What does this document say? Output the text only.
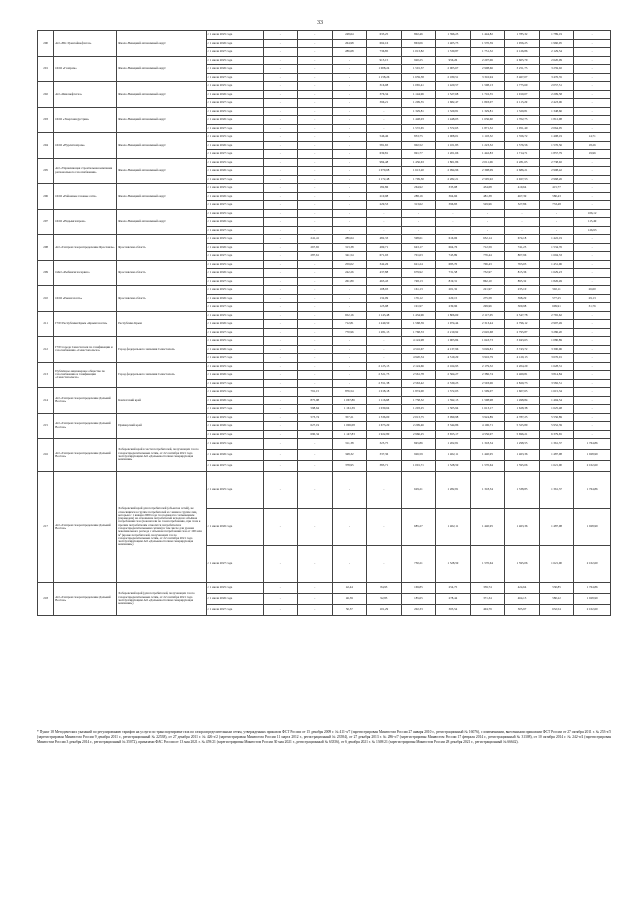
33
200	АО «Юг-Уренгойнефтегаз»	Ямало-Ненецкий автономный округ	с 1 июля 2025 года	-	-	248,64	633,25	802,46	1 396,25	1 444,82	1 785,32	1 789,19	-
			с 1 июля 2026 года	-	-	264,98	692,16	863,06	1 405,73	1 570,59	1 956,25	1 960,05	-
			с 1 июля 2027 года	-	-	286,68	736,85	1 013,82	1 530,87	1 751,52	2 126,86	2 129,54	-
201	ООО «Газпром»	Ямало-Ненецкий автономный округ	с 1 июля 2025 года	-	-	-	915,15	920,25	956,26	2 207,06	2 605,79	2 620,09	-
			с 1 июля 2026 года	-	-	-	1 008,24	1 501,37	2 005,67	2 908,66	3 251,75	3 259,02	-
			с 1 июля 2027 года	-	-	-	1 158,26	1 659,58	2 180,51	3 316,94	3 467,07	3 476,35	-
202	АО «Ямалнефтегаз»	Ямало-Ненецкий автономный округ	с 1 июля 2025 года	-	-	-	316,08	1 065,41	1 420,57	1 598,13	1 775,69	2 057,51	-
			с 1 июля 2026 года	-	-	-	376,34	1 144,96	1 527,68	1 716,55	1 910,07	2 209,58	-
			с 1 июля 2027 года	-	-	-	396,21	1 299,55	1 682,47	1 893,07	2 115,29	2 423,06	-
203	ООО «Энергоиндустрия»	Ямало-Ненецкий автономный округ	с 1 июля 2025 года	-	-	-	-	1 329,81	1 329,81	1 329,81	1 329,81	1 348,66	-
			с 1 июля 2026 года	-	-	-	-	1 448,03	1 448,03	1 636,60	1 702,75	1 812,98	-
			с 1 июля 2027 года	-	-	-	-	1 572,65	1 572,65	1 871,52	1 951,40	2 064,05	-
204	ООО «Нурлигазпром»	Ямало-Ненецкий автономный округ	с 1 июля 2025 года	-	-	-	546,46	853,75	1 008,01	1 118,52	1 356,72	1 408,19	14,71
			с 1 июля 2026 года	-	-	-	581,65	902,52	1 101,83	1 223,52	1 576,56	1 576,56	18,26
			с 1 июля 2027 года	-	-	-	639,81	991,77	1 201,66	1 442,83	1 714,71	1 857,79	19,96
205	АО «Управляющая строительная компания регионального газоснабжения»	Ямало-Ненецкий автономный округ	с 1 июля 2025 года	-	-	-	984,48	1 456,63	1 801,86	2 011,06	2 281,65	2 738,92	-
			с 1 июля 2026 года	-	-	-	1 070,68	1 613,20	2 094,96	2 398,09	2 686,21	2 998,42	-
			с 1 июля 2027 года	-	-	-	1 172,48	1 799,50	2 282,21	2 595,92	2 927,53	2 968,26	-
206	ООО «Районные газовые сети»	Ямало-Ненецкий автономный округ	с 1 июля 2025 года	-	-	-	182,86	264,92	335,08	434,08	419,64	415,77	-
			с 1 июля 2026 года	-	-	-	210,98	288,16	364,66	481,38	467,39	580,43	-
			с 1 июля 2027 года	-	-	-	229,53	313,62	396,83	529,96	527,86	733,48	-
207	ООО «Надымгазпром»	Ямало-Ненецкий автономный округ	с 1 июля 2025 года	-	-	-	-	-	-	-	-	-	106,12
			с 1 июля 2026 года	-	-	-	-	-	-	-	-	-	115,49
			с 1 июля 2027 года	-	-	-	-	-	-	-	-	-	126,93
208	АО «Газпром газораспределение Ярославль»	Ярославская область	с 1 июля 2025 года	-	241,41	286,64	482,33	598,61	616,06	652,14	674,18	1 422,19	-
			с 1 июля 2026 года	-	267,65	313,38	499,71	643,17	664,76	712,59	741,25	1 534,76	-
			с 1 июля 2027 года	-	287,61	341,54	671,93	701,63	745,89	776,44	807,96	1 694,33	-
209	ОАО «Рыбинскгазсервис»	Ярославская область	с 1 июля 2025 года	-	-	259,02	342,26	621,24	683,70	706,43	763,03	1 451,96	-
			с 1 июля 2026 года	-	-	242,26	437,88	679,92	731,58	732,97	815,36	1 629,23	-
			с 1 июля 2027 года	-	-	261,89	463,43	748,13	819,31	862,10	895,32	1 826,49	-
210	ООО «Рыногазсеть»	Ярославская область	с 1 июля 2025 года	-	-	-	108,93	161,13	201,32	221,97	235,10	502,11	26,60
			с 1 июля 2026 года	-	-	-	132,09	176,12	220,15	275,58	398,29	577,25	29,13
			с 1 июля 2027 года	-	-	-	125,98	191,97	239,96	299,96	309,98	699,91	31,76
211	ГУП Республики Крым «Крымгазсети»	Республика Крым	с 1 июля 2025 года	-	-	652,16	1 143,48	1 434,96	1 806,69	2 117,05	2 547,78	2 765,62	-
			с 1 июля 2026 года	-	-	712,81	1 249,50	1 568,39	1 974,44	2 313,44	2 796,12	2 997,49	-
			с 1 июля 2027 года	-	-	770,96	1 281,13	1 768,33	2 219,92	2 645,68	2 795,87	3 286,20	-
212	ГУП города Севастополя по газификации и газоснабжению «Севастопольгаз»	Город федерального значения Севастополь	с 1 июля 2025 года	-	-	-	-	4 124,98	1 903,84	1 643,73	3 943,63	1 080,89	-
			с 1 июля 2026 года	-	-	-	-	4 516,67	4 137,96	3 049,81	3 743,72	3 390,96	-
			с 1 июля 2027 года	-	-	-	-	4 920,34	4 519,29	3 916,79	4 129,13	3 676,01	-
213	Публичное акционерное общество по газоснабжению и газификации «Севастопольгаз»	Город федерального значения Севастополь	с 1 июля 2025 года	-	-	-	2 125,15	2 124,66	2 164,95	2 179,32	2 204,29	1 628,31	-
			с 1 июля 2026 года	-	-	-	2 521,75	2 561,78	2 564,27	2 386,74	2 469,81	3 814,84	-
			с 1 июля 2027 года	-	-	-	2 551,38	2 563,42	2 539,23	2 593,06	2 829,73	3 582,51	-
214	АО «Газпром газораспределение Дальний Восток»	Камчатский край	с 1 июля 2025 года	-	791,15	876,54	1 018,18	1 874,00	1 572,03	1 599,07	1 607,65	1 615,34	-
			с 1 июля 2026 года	-	875,98	1 067,86	1 116,68	1 758,52	1 592,15	1 598,98	1 498,84	1 494,54	-
			с 1 июля 2027 года	-	598,64	1 161,39	1 030,64	1 203,25	1 505,94	1 613,17	1 628,38	1 625,48	-
215	АО «Газпром газораспределение Дальний Восток»	Приморский край	с 1 июля 2025 года	-	573,74	357,21	1 336,00	2 013,75	3 099,98	3 924,89	4 787,25	5 556,89	-
			с 1 июля 2026 года	-	627,19	1 006,08	1 673,29	2 299,46	3 344,86	4 106,71	5 325,89	5 952,39	-
			с 1 июля 2027 года	-	690,34	1 147,83	1 922,80	2 966,25	3 655,17	4 556,97	5 696,21	6 379,65	-
216	АО «Газпром газораспределение Дальний Восток»	Хабаровский край в части потребителей, получающих газ по газораспределительным сетям, от 22 сентября 2021 года эксплуатирующим АО «Дальневосточная генерирующая компания»	с 1 июля 2025 года	-	-	311,38	325,75	845,86	1 202,81	1 318,54	1 298,55	1 361,37	1 764,86
			с 1 июля 2026 года	-	-	348,32	337,36	926,59	1 402,11	1 440,95	1 463,36	1 487,98	1 928,99
			с 1 июля 2027 года	-	-	378,95	383,71	1 001,71	1 528,59	1 570,64	1 595,06	1 621,90	2 102,60
217	АО «Газпром газораспределение Дальний Восток»	Хабаровский край для потребителей (объектов сетей), не относящихся к группе потребителей и с ними к группе лиц, которым с 1 января 2009 года газ подавался с изменением (переводом) на отношение потребителей исходя из объёмов потребления газа (показатели по газопотреблению, при этом к прочим потребителям относится потребители и газораспределительными сетями) в том числе для уровня максимального расхода с объемом потребления газа от 100 млн м³ (кроме потребителей, получающих газ по газораспределительным сетям, от 22 сентября 2021 года эксплуатирующим АО «Дальневосточная генерирующая компания»)	с 1 июля 2025 года	-	-	-	-	629,21	1 282,81	1 318,34	1 338,85	1 361,37	1 764,86
			с 1 июля 2026 года	-	-	-	-	685,27	1 402,11	1 440,95	1 463,36	1 487,98	1 928,99
			с 1 июля 2027 года	-	-	-	-	750,21	1 528,59	1 570,64	1 595,06	1 621,90	2 102,60
218	АО «Газпром газораспределение Дальний Восток»	Хабаровский край (для потребителей, получающих газ по газораспределительным сетям, от 22 сентября 2021 года эксплуатирующим АО «Дальневосточная генерирующая компания»)	с 1 июля 2025 года	-	-	42,44	84,93	169,85	254,75	339,74	424,64	530,85	1 764,86
			с 1 июля 2026 года	-	-	46,39	92,83	185,65	278,44	371,34	464,13	580,22	1 928,99
			с 1 июля 2027 года	-	-	50,57	101,29	202,33	303,54	404,79	505,97	632,54	2 102,60
* Пункт 18 Методических указаний по регулированию тарифов на услуги по транспортировке газа по газораспределительным сетям, утвержденных приказом ФСТ России от 15 декабря 2009 г. № 411-э/7 (зарегистрирован Минюстом России 27 января 2010 г., регистрационный № 16076), с изменениями, внесенными приказами ФСТ России от 27 октября 2011 г. № 253-э/5 (зарегистрирован Минюстом России 9 декабря 2011 г., регистрационный № 22538), от 27 декабря 2011 г. № 426-э/2 (зарегистрирован Минюстом России 11 марта 2012 г., регистрационный № 23584), от 27 декабря 2013 г. № 286-э/7 (зарегистрирован Минюстом России 17 февраля 2014 г., регистрационный № 31308), от 10 октября 2014 г. № 242-э/4 (зарегистрирован Минюстом России 3 декабря 2014 г., регистрационный № 35072), приказами ФАС России от 13 мая 2021 г. № 459/21 (зарегистрирован Минюстом России 30 мая 2021 г., регистрационный № 63356), от 6 декабря 2021 г. № 1369/21 (зарегистрирован Минюстом России 28 декабря 2021 г., регистрационный № 66642).
